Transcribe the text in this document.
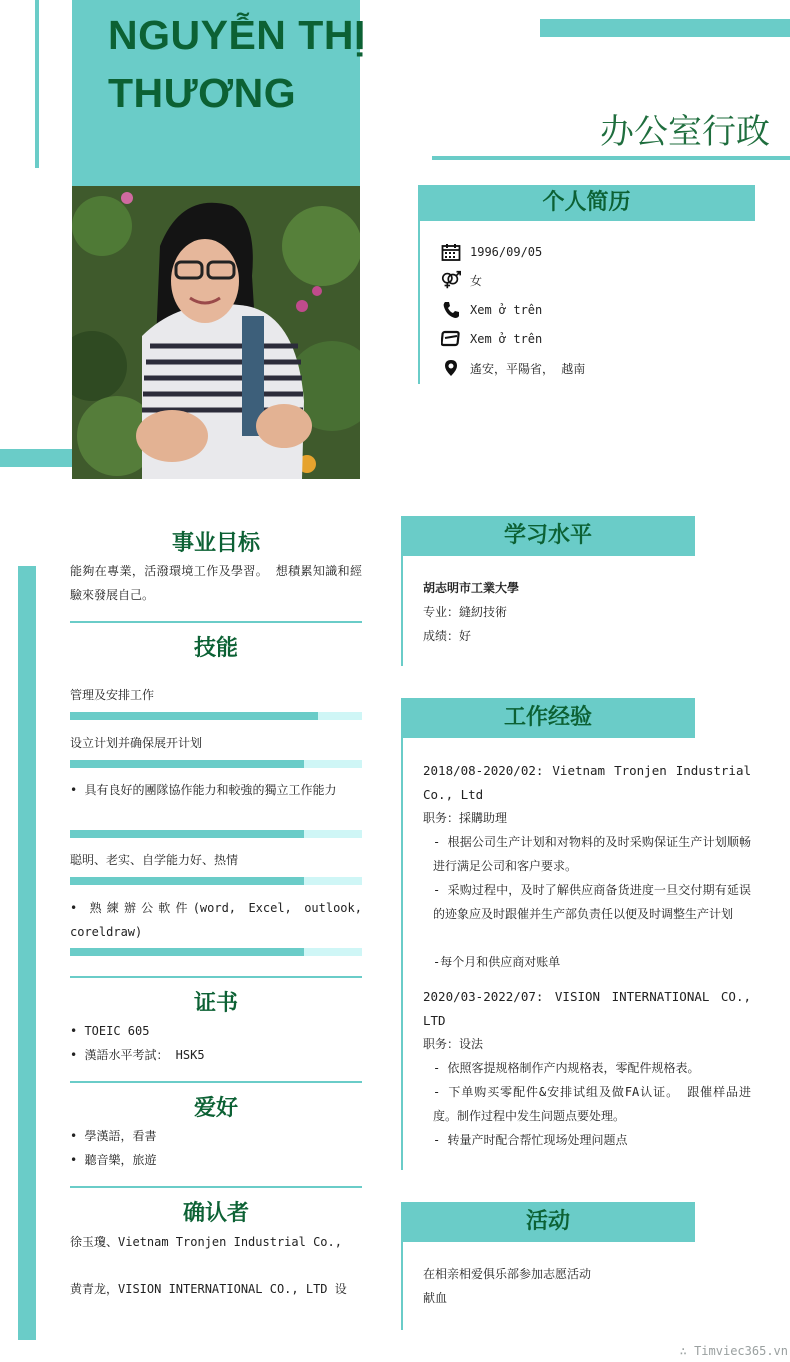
NGUYỄN THỊ
THƯƠNG
办公室行政
个人简历
1996/09/05
女
Xem ở trên
Xem ở trên
遙安，平陽省， 越南
事业目标
能夠在專業，活潑環境工作及學習。 想積累知識和經驗來發展自己。
技能
管理及安排工作
设立计划并确保展开计划
• 具有良好的團隊協作能力和較強的獨立工作能力
聪明、老实、自学能力好、热情
• 熟練辦公軟件(word, Excel, outlook, coreldraw)
证书
• TOEIC 605
• 漢語水平考試： HSK5
爱好
• 學漢語，看書
• 聽音樂，旅遊
确认者
徐玉瓊、Vietnam Tronjen Industrial Co.,
黄青龙，VISION INTERNATIONAL CO., LTD 设
学习水平
胡志明市工業大學
专业：縫紉技術
成绩：好
工作经验
2018/08-2020/02: Vietnam Tronjen Industrial Co., Ltd
职务：採購助理
- 根据公司生产计划和对物料的及时采购保证生产计划顺畅进行满足公司和客户要求。
- 采购过程中，及时了解供应商备货进度一旦交付期有延误的迹象应及时跟催并生产部负责任以便及时调整生产计划
-每个月和供应商对账单
2020/03-2022/07: VISION INTERNATIONAL CO., LTD
职务：设法
- 依照客提规格制作产内规格表，零配件规格表。
- 下单购买零配件&安排试组及做FA认证。 跟催样品进度。制作过程中发生问题点要处理。
- 转量产时配合帮忙现场处理问题点
活动
在相亲相爱俱乐部参加志愿活动
献血
∴ Timviec365.vn
